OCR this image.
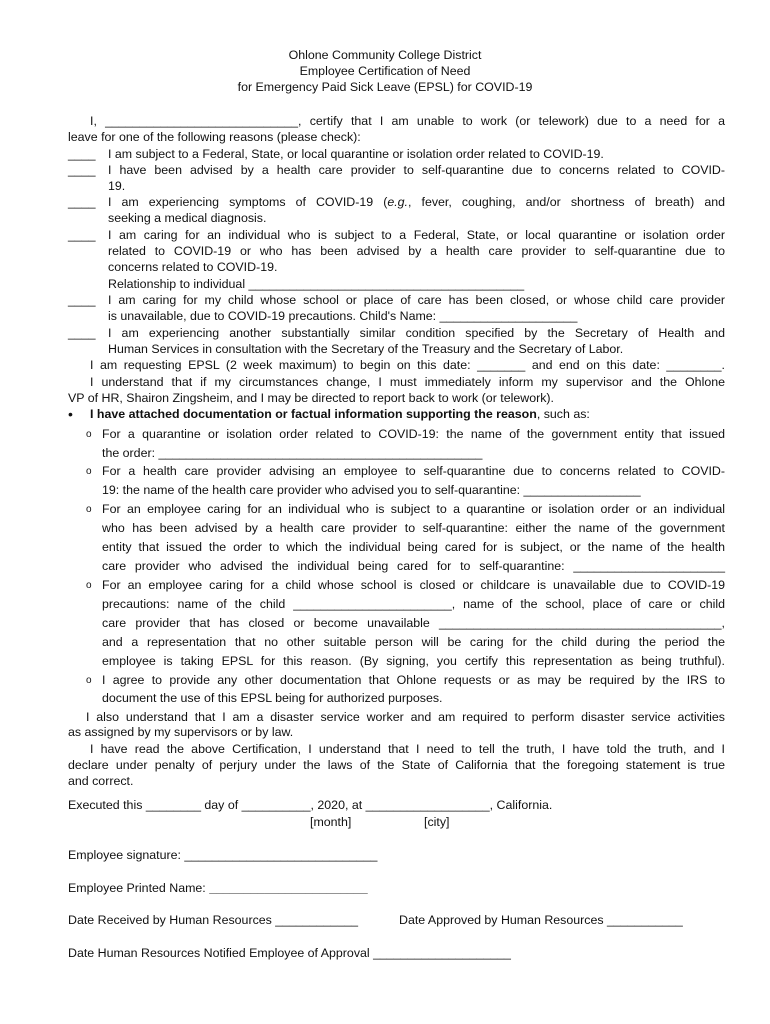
Ohlone Community College District
Employee Certification of Need
for Emergency Paid Sick Leave (EPSL) for COVID-19
I, ____________________________, certify that I am unable to work (or telework) due to a need for a
leave for one of the following reasons (please check):
____ I am subject to a Federal, State, or local quarantine or isolation order related to COVID-19.
____ I have been advised by a health care provider to self-quarantine due to concerns related to COVID-
19.
____ I am experiencing symptoms of COVID-19 (e.g., fever, coughing, and/or shortness of breath) and
seeking a medical diagnosis.
____ I am caring for an individual who is subject to a Federal, State, or local quarantine or isolation order
related to COVID-19 or who has been advised by a health care provider to self-quarantine due to
concerns related to COVID-19.
Relationship to individual ________________________________________
____ I am caring for my child whose school or place of care has been closed, or whose child care provider
is unavailable, due to COVID-19 precautions. Child's Name: ____________________
____ I am experiencing another substantially similar condition specified by the Secretary of Health and
Human Services in consultation with the Secretary of the Treasury and the Secretary of Labor.
I am requesting EPSL (2 week maximum) to begin on this date: _______ and end on this date: ________.
I understand that if my circumstances change, I must immediately inform my supervisor and the Ohlone
VP of HR, Shairon Zingsheim, and I may be directed to report back to work (or telework).
• I have attached documentation or factual information supporting the reason, such as:
o For a quarantine or isolation order related to COVID-19: the name of the government entity that issued
the order: _______________________________________________
o For a health care provider advising an employee to self-quarantine due to concerns related to COVID-
19: the name of the health care provider who advised you to self-quarantine: _________________
o For an employee caring for an individual who is subject to a quarantine or isolation order or an individual
who has been advised by a health care provider to self-quarantine: either the name of the government
entity that issued the order to which the individual being cared for is subject, or the name of the health
care provider who advised the individual being cared for to self-quarantine: ______________________
o For an employee caring for a child whose school is closed or childcare is unavailable due to COVID-19
precautions: name of the child _______________________, name of the school, place of care or child
care provider that has closed or become unavailable _________________________________________,
and a representation that no other suitable person will be caring for the child during the period the
employee is taking EPSL for this reason. (By signing, you certify this representation as being truthful).
o I agree to provide any other documentation that Ohlone requests or as may be required by the IRS to
document the use of this EPSL being for authorized purposes.
I also understand that I am a disaster service worker and am required to perform disaster service activities
as assigned by my supervisors or by law.
I have read the above Certification, I understand that I need to tell the truth, I have told the truth, and I
declare under penalty of perjury under the laws of the State of California that the foregoing statement is true
and correct.
Executed this ________ day of __________, 2020, at __________________, California.
[month]	[city]
Employee signature: ____________________________
Employee Printed Name: _______________________
Date Received by Human Resources ____________	Date Approved by Human Resources ___________
Date Human Resources Notified Employee of Approval ____________________
